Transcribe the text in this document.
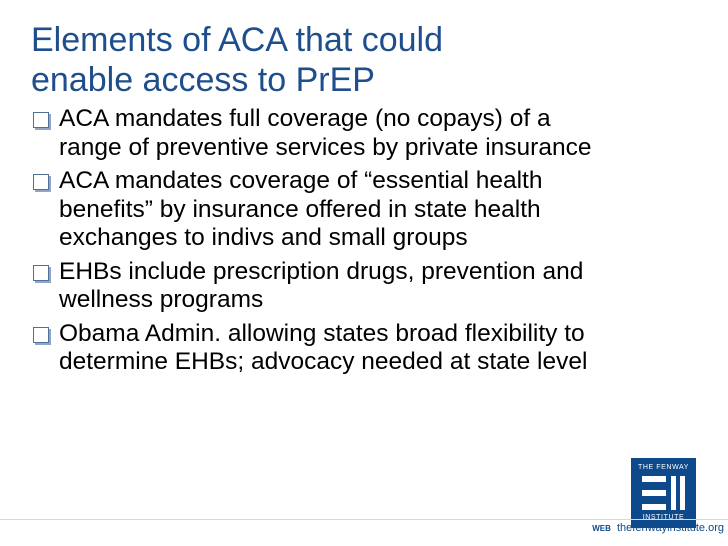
Elements of ACA that could
enable access to PrEP
ACA mandates full coverage (no copays) of a
range of preventive services by private insurance
ACA mandates coverage of “essential health
benefits” by insurance offered in state health
exchanges to indivs and small groups
EHBs include prescription drugs, prevention and
wellness programs
Obama Admin. allowing states broad flexibility to
determine EHBs; advocacy needed at state level
THE FENWAY
INSTITUTE
WEB thefenwayinstitute.org
